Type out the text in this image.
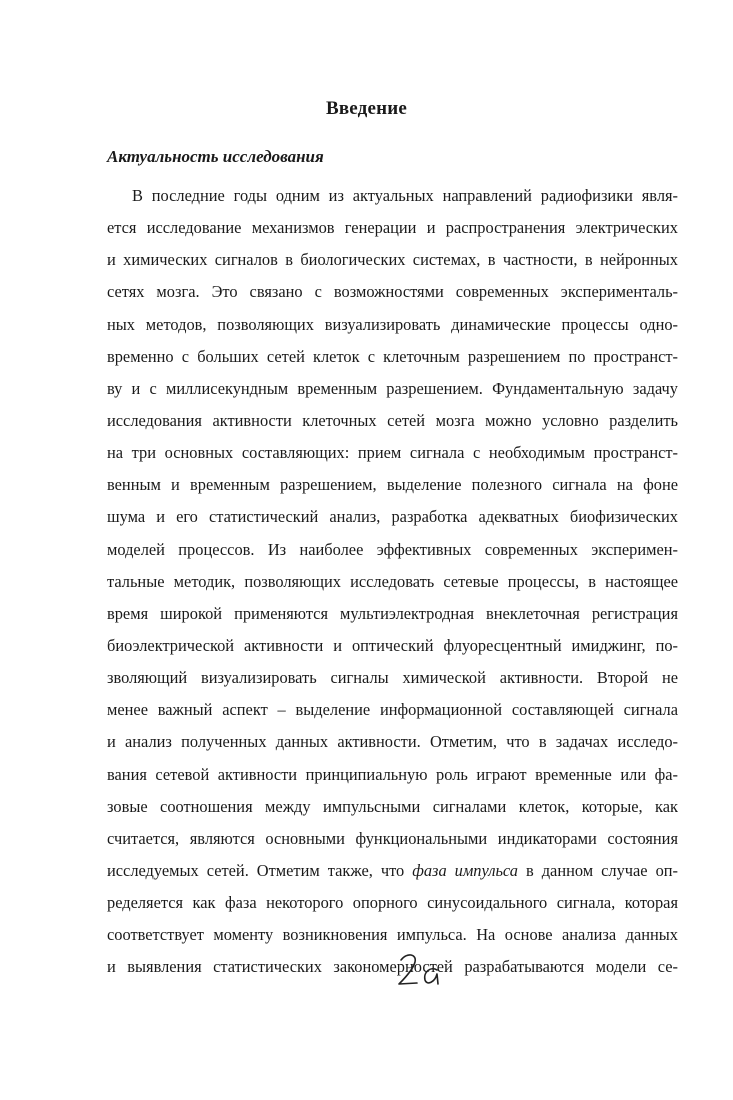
Введение
Актуальность исследования
В последние годы одним из актуальных направлений радиофизики явля-
ется исследование механизмов генерации и распространения электрических
и химических сигналов в биологических системах, в частности, в нейронных
сетях мозга. Это связано с возможностями современных эксперименталь-
ных методов, позволяющих визуализировать динамические процессы одно-
временно с больших сетей клеток с клеточным разрешением по пространст-
ву и с миллисекундным временным разрешением. Фундаментальную задачу
исследования активности клеточных сетей мозга можно условно разделить
на три основных составляющих: прием сигнала с необходимым пространст-
венным и временным разрешением, выделение полезного сигнала на фоне
шума и его статистический анализ, разработка адекватных биофизических
моделей процессов. Из наиболее эффективных современных эксперимен-
тальные методик, позволяющих исследовать сетевые процессы, в настоящее
время широкой применяются мультиэлектродная внеклеточная регистрация
биоэлектрической активности и оптический флуоресцентный имиджинг, по-
зволяющий визуализировать сигналы химической активности. Второй не
менее важный аспект – выделение информационной составляющей сигнала
и анализ полученных данных активности. Отметим, что в задачах исследо-
вания сетевой активности принципиальную роль играют временные или фа-
зовые соотношения между импульсными сигналами клеток, которые, как
считается, являются основными функциональными индикаторами состояния
исследуемых сетей. Отметим также, что фаза импульса в данном случае оп-
ределяется как фаза некоторого опорного синусоидального сигнала, которая
соответствует моменту возникновения импульса. На основе анализа данных
и выявления статистических закономерностей разрабатываются модели се-
